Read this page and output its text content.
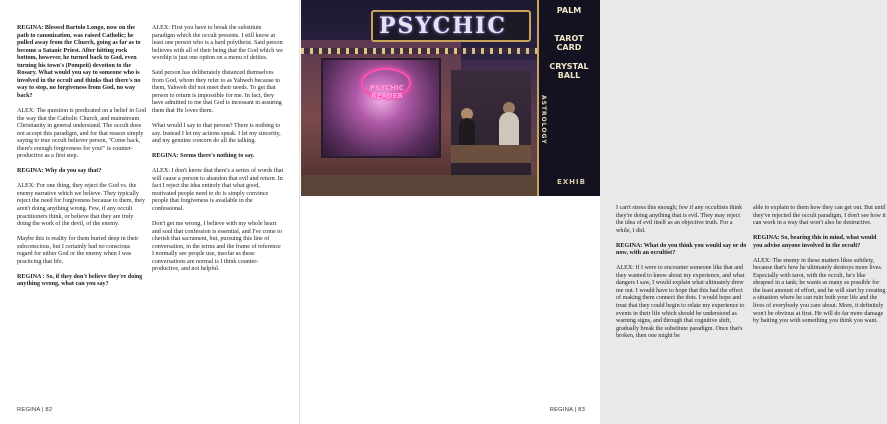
REGINA: Blessed Bartolo Longo, now on the path to canonization, was raised Catholic; he pulled away from the Church, going as far as to become a Satanic Priest. After hitting rock bottom, however, he turned back to God, even turning his town's (Pompeii) devotion to the Rosary. What would you say to someone who is involved in the occult and thinks that there's no way to stop, no forgiveness from God, no way back?

ALEX: The question is predicated on a belief in God the way that the Catholic Church, and mainstream Christianity in general understand. The occult does not accept this paradigm, and for that reason simply saying to true occult believer person, "Come back, there's enough forgiveness for you!" is counter-productive as a first step.

REGINA: Why do you say that?

ALEX: For one thing, they reject the God vs. the enemy narrative which we believe. They typically reject the need for forgiveness because to them, they aren't doing anything wrong. Few, if any occult practitioners think, or believe that they are truly doing the work of the devil, of the enemy.

Maybe this is reality for them buried deep in their subconscious, but I certainly had no conscious regard for either God or the enemy when I was practicing that life.

REGINA : So, if they don't believe they're doing anything wrong, what can you say?

ALEX: First you have to break the substitute paradigm which the occult presents. I still know at least one person who is a hard polytheist. Said person believes with all of their being that the God which we worship is just one option on a menu of deities.

Said person has deliberately distanced themselves from God, whom they refer to as Yahweh because to them, Yahweh did not meet their needs. To get that person to return is impossible for me. In fact, they have admitted to me that God is incessant in assuring them that He loves them.

What would I say to that person? There is nothing to say. Instead I let my actions speak. I let my sincerity, and my genuine concern do all the talking.

REGINA: Seems there's nothing to say.

ALEX: I don't know that there's a series of words that will cause a person to abandon that evil and return. In fact I reject the idea entirely that what good, motivated people need to do is simply convince people that forgiveness is available in the confessional.

Don't get me wrong, I believe with my whole heart and soul that confession is essential, and I've come to cherish that sacrament, but, pursuing this line of conversation, in the terms and the frame of reference I normally see people use, insofar as these conversations are normal is I think counter-productive, and not helpful.

REGINA | 82

I can't stress this enough; few if any occultists think they're doing anything that is evil. They may reject the idea of evil itself as an objective truth. For a while, I did.

REGINA: What do you think you would say or do now, with an occultist?

ALEX: If I were to encounter someone like that and they wanted to know about my experience, and what dangers I saw, I would explain what ultimately drew me out. I would have to hope that this had the effect of making them connect the dots. I would hope and trust that they could begin to relate my experience to events in their life which should be understood as warning signs, and through that cognitive shift, gradually break the substitute paradigm. Once that's broken, then one might be

able to explain to them how they can get out. But until they've rejected the occult paradigm, I don't see how it can work in a way that won't also be destructive.

REGINA: So, bearing this in mind, what would you advise anyone involved in the occult?

ALEX: The enemy in these matters likes subtlety, because that's how he ultimately destroys more lives. Especially with tarot, with the occult, he's like shrapnel in a tank; he wants as many as possible for the least amount of effort, and he will start by creating a situation where he can ruin both your life and the lives of everybody you care about. More, it definitely won't be obvious at first. He will do far more damage by baiting you with something you think you want.

REGINA | 83
PSYCHIC
PSYCHIC READER
PALM
TAROT CARD
CRYSTAL BALL
ASTROLOGY
EXHIB
